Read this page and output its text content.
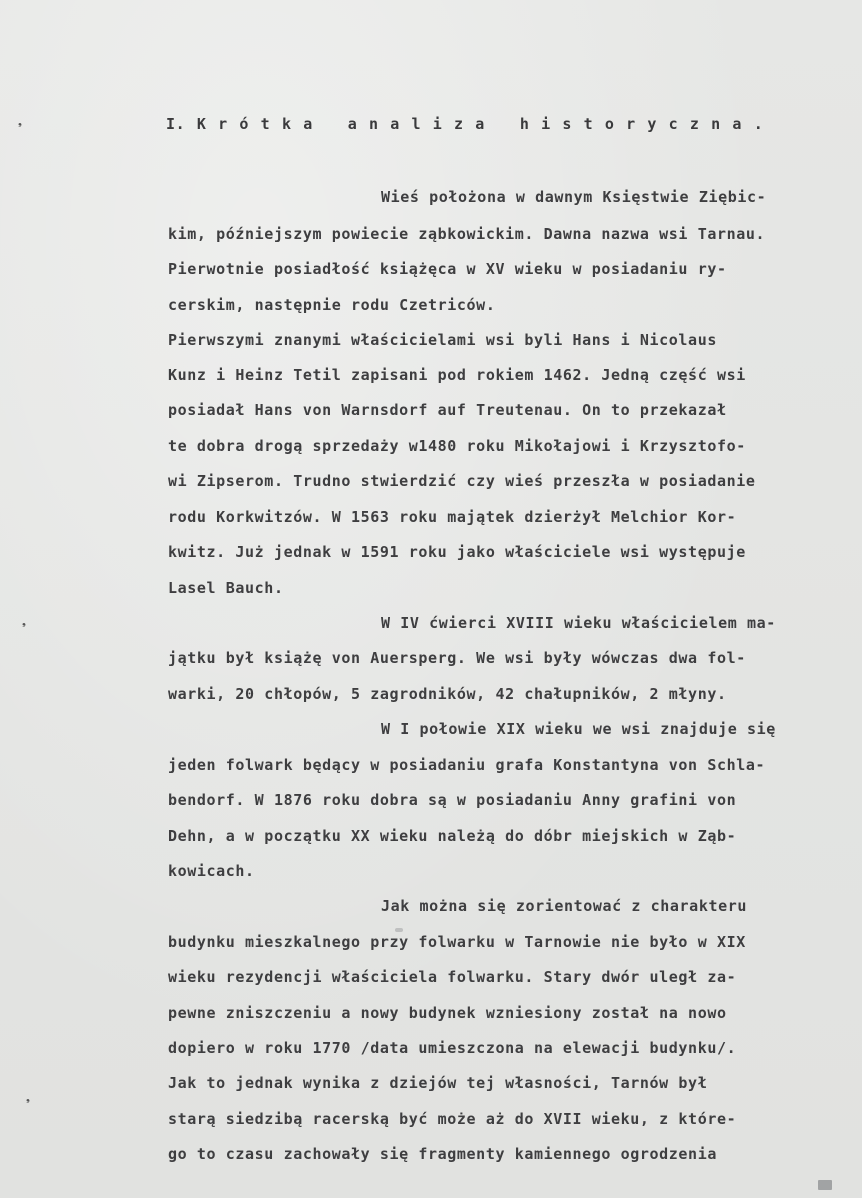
❟
❟
❟
I. K r ó t k a   a n a l i z a   h i s t o r y c z n a .
Wieś położona w dawnym Księstwie Ziębic-
kim, późniejszym powiecie ząbkowickim. Dawna nazwa wsi Tarnau.
Pierwotnie posiadłość książęca w XV wieku w posiadaniu ry-
cerskim, następnie rodu Czetriców.
Pierwszymi znanymi właścicielami wsi byli Hans i Nicolaus
Kunz i Heinz Tetil zapisani pod rokiem 1462. Jedną część wsi
posiadał Hans von Warnsdorf auf Treutenau. On to przekazał
te dobra drogą sprzedaży w1480 roku Mikołajowi i Krzysztofo-
wi Zipserom. Trudno stwierdzić czy wieś przeszła w posiadanie
rodu Korkwitzów. W 1563 roku majątek dzierżył Melchior Kor-
kwitz. Już jednak w 1591 roku jako właściciele wsi występuje
Lasel Bauch.
W IV ćwierci XVIII wieku właścicielem ma-
jątku był książę von Auersperg. We wsi były wówczas dwa fol-
warki, 20 chłopów, 5 zagrodników, 42 chałupników, 2 młyny.
W I połowie XIX wieku we wsi znajduje się
jeden folwark będący w posiadaniu grafa Konstantyna von Schla-
bendorf. W 1876 roku dobra są w posiadaniu Anny grafini von
Dehn, a w początku XX wieku należą do dóbr miejskich w Ząb-
kowicach.
Jak można się zorientować z charakteru
budynku mieszkalnego przy folwarku w Tarnowie nie było w XIX
wieku rezydencji właściciela folwarku. Stary dwór uległ za-
pewne zniszczeniu a nowy budynek wzniesiony został na nowo
dopiero w roku 1770 /data umieszczona na elewacji budynku/.
Jak to jednak wynika z dziejów tej własności, Tarnów był
starą siedzibą racerską być może aż do XVII wieku, z które-
go to czasu zachowały się fragmenty kamiennego ogrodzenia
